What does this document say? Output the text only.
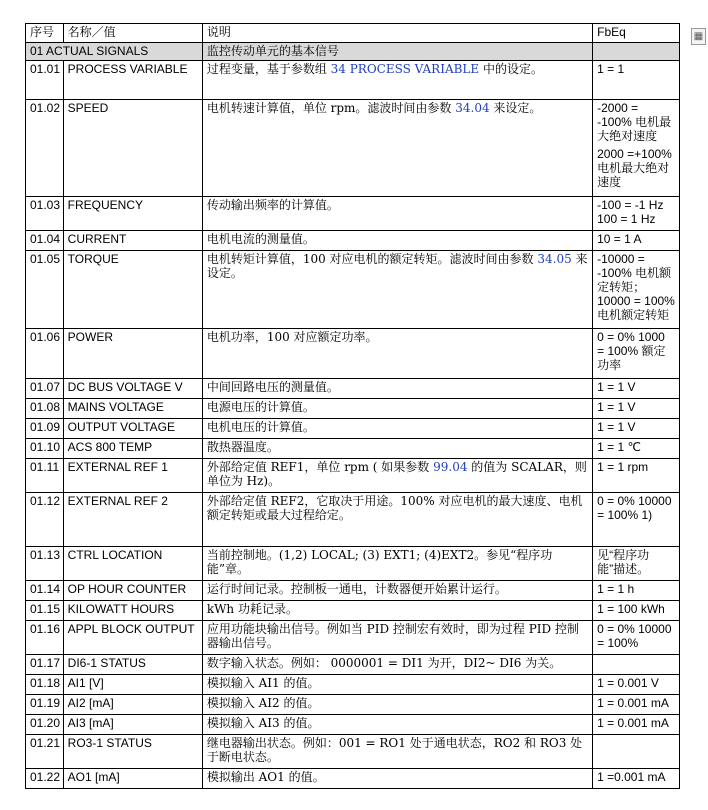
序号	名称／值	说明	FbEq
01 ACTUAL SIGNALS		监控传动单元的基本信号	
01.01	PROCESS VARIABLE	过程变量，基于参数组 34 PROCESS VARIABLE 中的设定。	1 = 1

01.02	SPEED	电机转速计算值，单位 rpm。滤波时间由参数 34.04 来设定。	-2000 = -100% 电机最大绝对速度
2000 =+100% 电机最大绝对速度

01.03	FREQUENCY	传动输出频率的计算值。	-100 = -1 Hz 100 = 1 Hz

01.04	CURRENT	电机电流的测量值。	10 = 1 A

01.05	TORQUE	电机转矩计算值，100 对应电机的额定转矩。滤波时间由参数 34.05 来设定。	-10000 = -100% 电机额定转矩；10000 = 100% 电机额定转矩

01.06	POWER	电机功率，100 对应额定功率。	0 = 0% 1000 = 100% 额定功率

01.07	DC BUS VOLTAGE V	中间回路电压的测量值。	1 = 1 V

01.08	MAINS VOLTAGE	电源电压的计算值。	1 = 1 V

01.09	OUTPUT VOLTAGE	电机电压的计算值。	1 = 1 V

01.10	ACS 800 TEMP	散热器温度。	1 = 1 ℃

01.11	EXTERNAL REF 1	外部给定值 REF1，单位 rpm ( 如果参数 99.04 的值为 SCALAR，则单位为 Hz)。	1 = 1 rpm

01.12	EXTERNAL REF 2	外部给定值 REF2，它取决于用途。100% 对应电机的最大速度、电机额定转矩或最大过程给定。	0 = 0% 10000 = 100% 1)

01.13	CTRL LOCATION	当前控制地。(1,2) LOCAL; (3) EXT1; (4)EXT2。参见“程序功能”章。	见“程序功能”描述。

01.14	OP HOUR COUNTER	运行时间记录。控制板一通电，计数器便开始累计运行。	1 = 1 h

01.15	KILOWATT HOURS	kWh 功耗记录。	1 = 100 kWh

01.16	APPL BLOCK OUTPUT	应用功能块输出信号。例如当 PID 控制宏有效时，即为过程 PID 控制器输出信号。	0 = 0% 10000 = 100%

01.17	DI6-1 STATUS	数字输入状态。例如： 0000001 = DI1 为开，DI2~ DI6 为关。	

01.18	AI1 [V]	模拟输入 AI1 的值。	1 = 0.001 V

01.19	AI2 [mA]	模拟输入 AI2 的值。	1 = 0.001 mA

01.20	AI3 [mA]	模拟输入 AI3 的值。	1 = 0.001 mA

01.21	RO3-1 STATUS	继电器输出状态。例如：001 = RO1 处于通电状态，RO2 和 RO3 处于断电状态。	

01.22	AO1 [mA]	模拟输出 AO1 的值。	1 =0.001 mA
▦
